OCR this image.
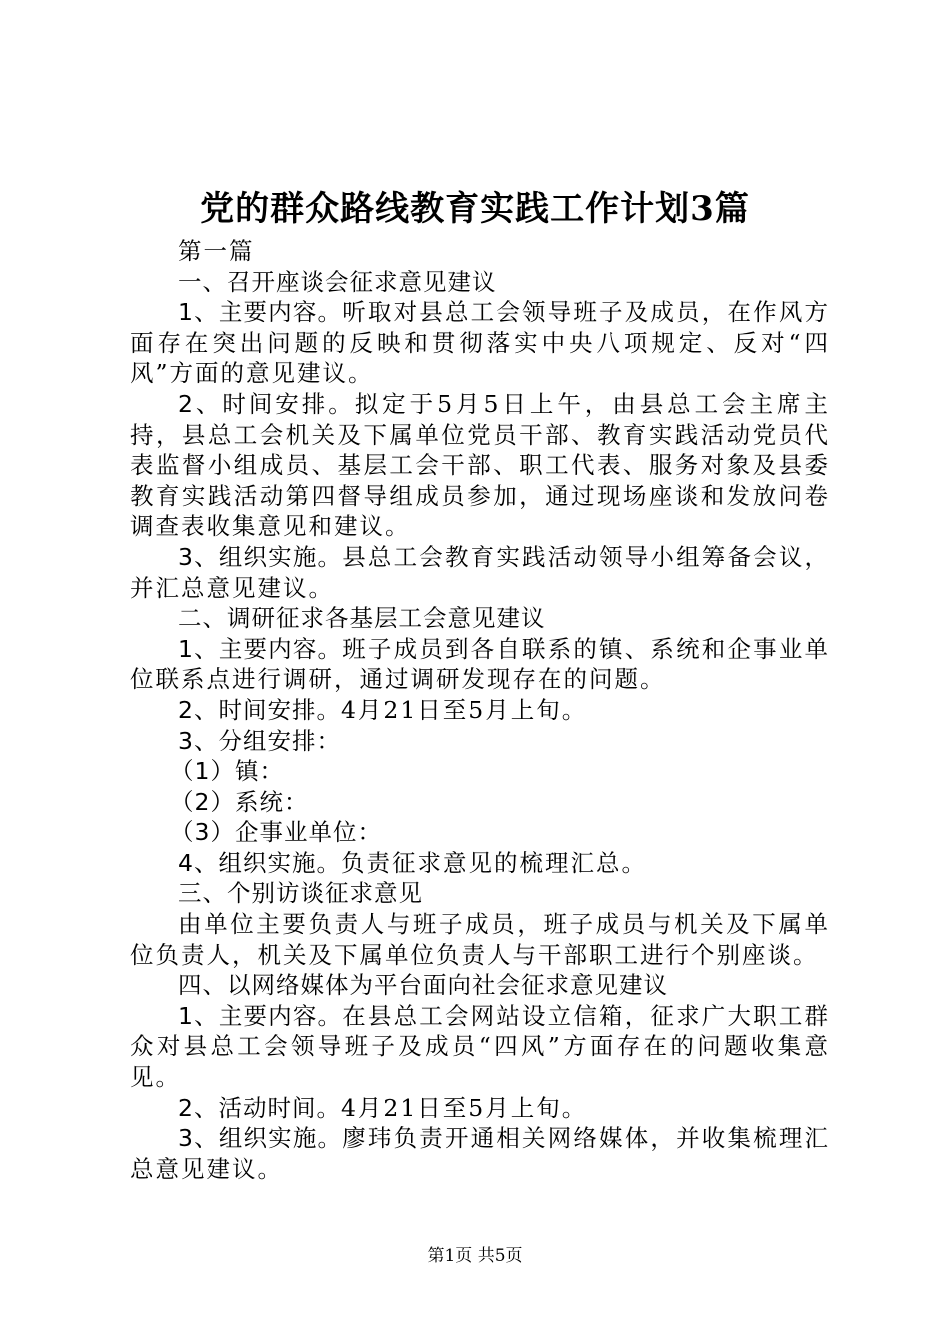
党的群众路线教育实践工作计划3篇

第一篇

一、召开座谈会征求意见建议

1、主要内容。听取对县总工会领导班子及成员，在作风方面存在突出问题的反映和贯彻落实中央八项规定、反对“四风”方面的意见建议。

2、时间安排。拟定于5月5日上午，由县总工会主席主持，县总工会机关及下属单位党员干部、教育实践活动党员代表监督小组成员、基层工会干部、职工代表、服务对象及县委教育实践活动第四督导组成员参加，通过现场座谈和发放问卷调查表收集意见和建议。

3、组织实施。县总工会教育实践活动领导小组筹备会议，并汇总意见建议。

二、调研征求各基层工会意见建议

1、主要内容。班子成员到各自联系的镇、系统和企事业单位联系点进行调研，通过调研发现存在的问题。

2、时间安排。4月21日至5月上旬。

3、分组安排：

（1）镇：

（2）系统：

（3）企事业单位：

4、组织实施。负责征求意见的梳理汇总。

三、个别访谈征求意见

由单位主要负责人与班子成员，班子成员与机关及下属单位负责人，机关及下属单位负责人与干部职工进行个别座谈。

四、以网络媒体为平台面向社会征求意见建议

1、主要内容。在县总工会网站设立信箱，征求广大职工群众对县总工会领导班子及成员“四风”方面存在的问题收集意见。

2、活动时间。4月21日至5月上旬。

3、组织实施。廖玮负责开通相关网络媒体，并收集梳理汇总意见建议。

第1页 共5页
